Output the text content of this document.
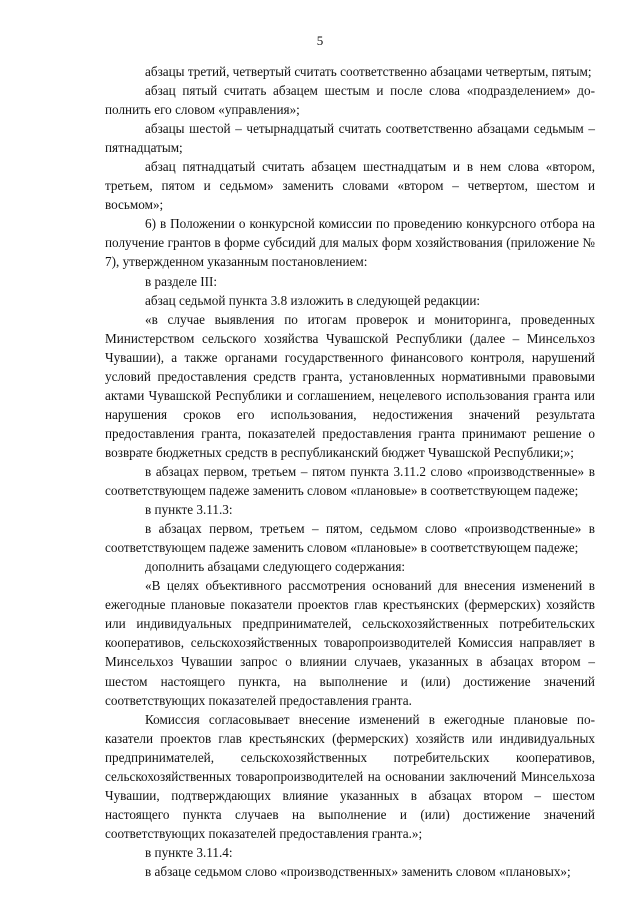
5

абзацы третий, четвертый считать соответственно абзацами четвертым, пятым;

абзац пятый считать абзацем шестым и после слова «подразделением» дополнить его словом «управления»;

абзацы шестой – четырнадцатый считать соответственно абзацами седьмым – пятнадцатым;

абзац пятнадцатый считать абзацем шестнадцатым и в нем слова «втором, третьем, пятом и седьмом» заменить словами «втором – четвертом, шестом и восьмом»;

6) в Положении о конкурсной комиссии по проведению конкурсного отбора на получение грантов в форме субсидий для малых форм хозяйствования (приложение № 7), утвержденном указанным постановлением:

в разделе III:

абзац седьмой пункта 3.8 изложить в следующей редакции:

«в случае выявления по итогам проверок и мониторинга, проведенных Министерством сельского хозяйства Чувашской Республики (далее – Минсельхоз Чувашии), а также органами государственного финансового контроля, нарушений условий предоставления средств гранта, установленных нормативными правовыми актами Чувашской Республики и соглашением, нецелевого использования гранта или нарушения сроков его использования, недостижения значений результата предоставления гранта, показателей предоставления гранта принимают решение о возврате бюджетных средств в республиканский бюджет Чувашской Республики;»;

в абзацах первом, третьем – пятом пункта 3.11.2 слово «производственные» в соответствующем падеже заменить словом «плановые» в соответствующем падеже;

в пункте 3.11.3:

в абзацах первом, третьем – пятом, седьмом слово «производственные» в соответствующем падеже заменить словом «плановые» в соответствующем падеже;

дополнить абзацами следующего содержания:

«В целях объективного рассмотрения оснований для внесения изменений в ежегодные плановые показатели проектов глав крестьянских (фермерских) хозяйств или индивидуальных предпринимателей, сельскохозяйственных потребительских кооперативов, сельскохозяйственных товаропроизводителей Комиссия направляет в Минсельхоз Чувашии запрос о влиянии случаев, указанных в абзацах втором – шестом настоящего пункта, на выполнение и (или) достижение значений соответствующих показателей предоставления гранта.

Комиссия согласовывает внесение изменений в ежегодные плановые показатели проектов глав крестьянских (фермерских) хозяйств или индивидуальных предпринимателей, сельскохозяйственных потребительских кооперативов, сельскохозяйственных товаропроизводителей на основании заключений Минсельхоза Чувашии, подтверждающих влияние указанных в абзацах втором – шестом настоящего пункта случаев на выполнение и (или) достижение значений соответствующих показателей предоставления гранта.»;

в пункте 3.11.4:

в абзаце седьмом слово «производственных» заменить словом «плановых»;
